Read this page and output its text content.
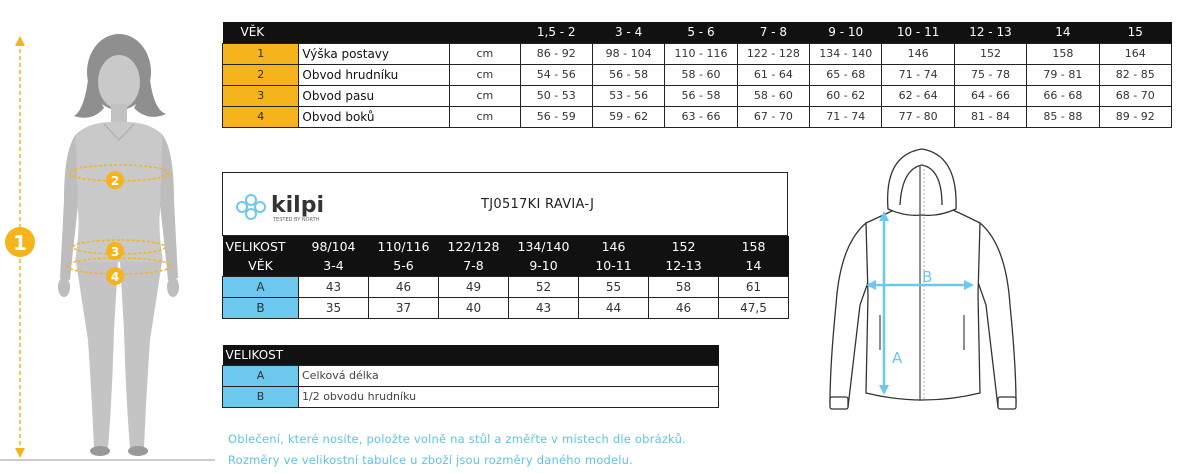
1
2
3
4
VĚK			1,5 - 2	3 - 4	5 - 6	7 - 8	9 - 10	10 - 11	12 - 13	14	15
1	Výška postavy	cm	86 - 92	98 - 104	110 - 116	122 - 128	134 - 140	146	152	158	164
2	Obvod hrudníku	cm	54 - 56	56 - 58	58 - 60	61 - 64	65 - 68	71 - 74	75 - 78	79 - 81	82 - 85
3	Obvod pasu	cm	50 - 53	53 - 56	56 - 58	58 - 60	60 - 62	62 - 64	64 - 66	66 - 68	68 - 70
4	Obvod boků	cm	56 - 59	59 - 62	63 - 66	67 - 70	71 - 74	77 - 80	81 - 84	85 - 88	89 - 92
kilpi
TESTED BY NORTH
TJ0517KI RAVIA-J
VELIKOST	98/104	110/116	122/128	134/140	146	152	158
VĚK	3-4	5-6	7-8	9-10	10-11	12-13	14
A	43	46	49	52	55	58	61
B	35	37	40	43	44	46	47,5
VELIKOST	
A	Celková délka
B	1/2 obvodu hrudníku
Oblečení, které nosíte, položte volně na stůl a změřte v místech dle obrázků.
Rozměry ve velikostní tabulce u zboží jsou rozměry daného modelu.
A
B
